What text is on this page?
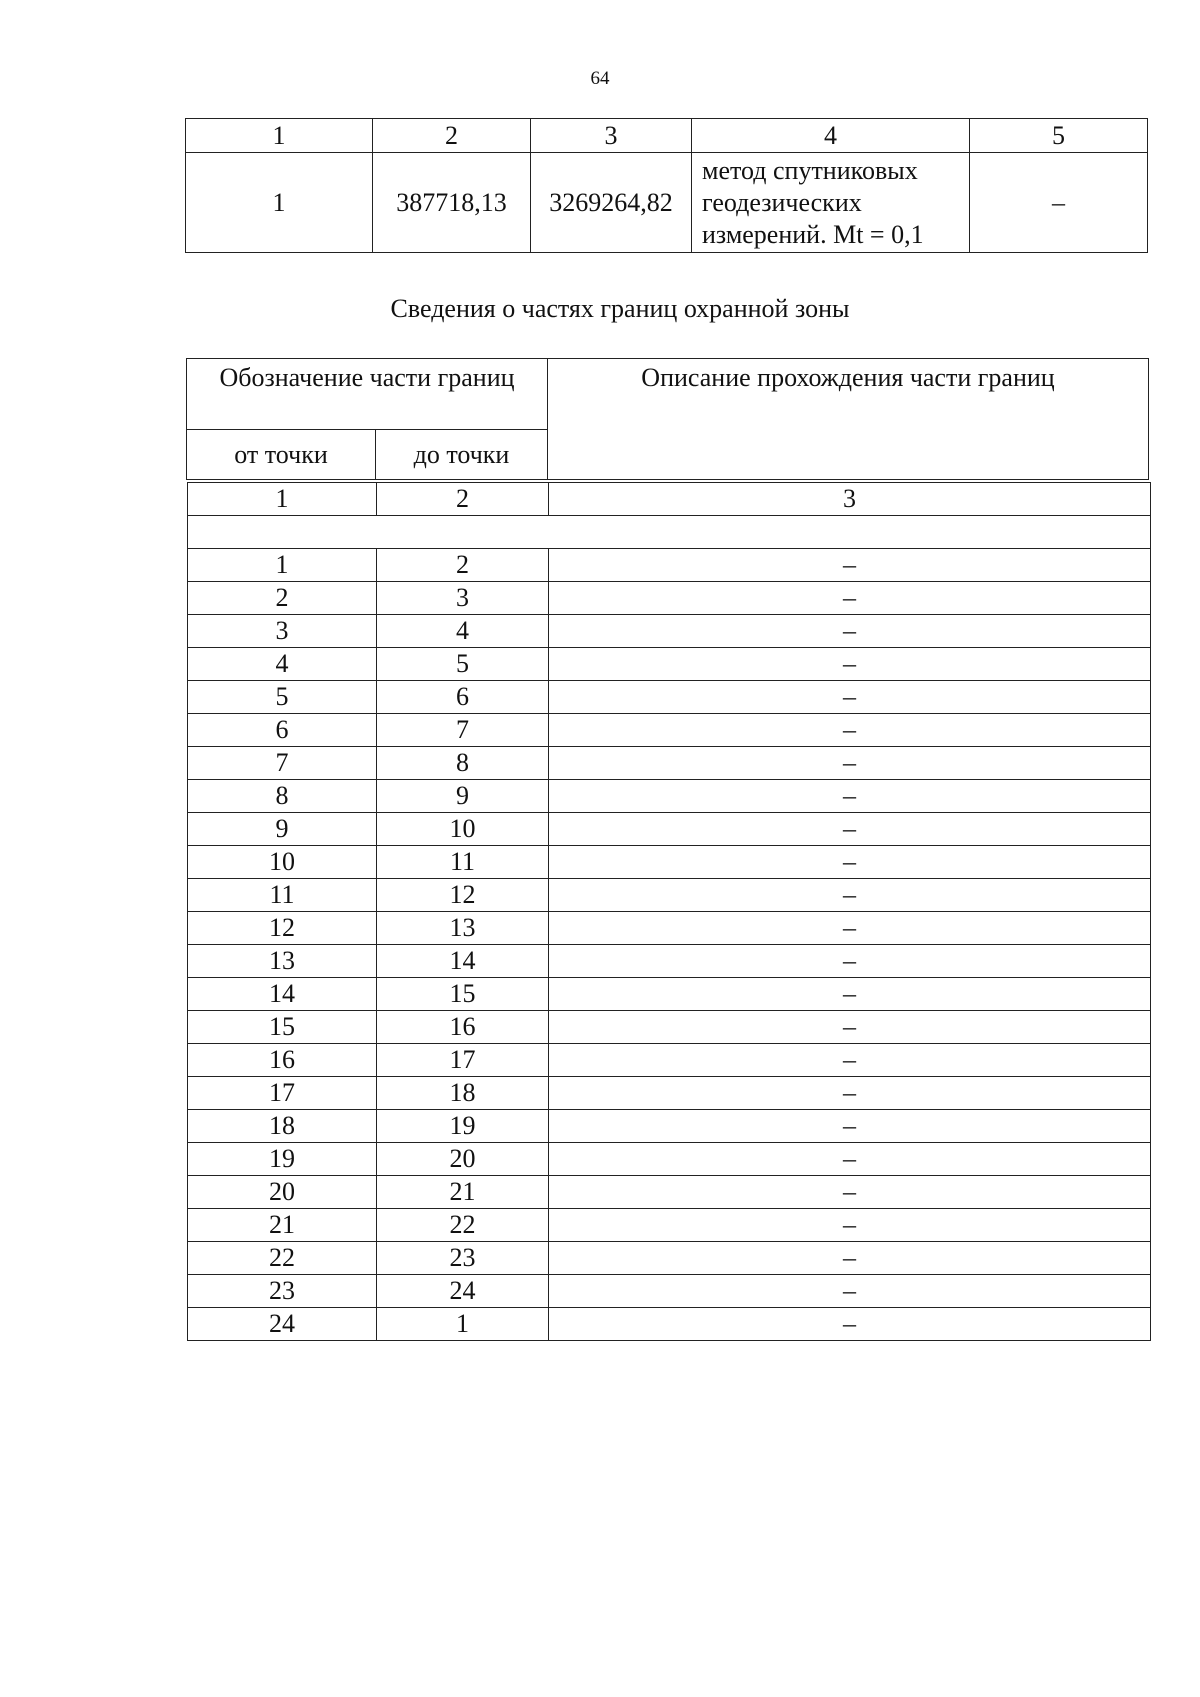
64
1	2	3	4	5
1	387718,13	3269264,82	метод спутниковых
геодезических
измерений. Mt = 0,1	–
Сведения о частях границ охранной зоны
Обозначение части границ		Описание прохождения части границ
от точки	до точки	
1	2	3

1	2	–
2	3	–
3	4	–
4	5	–
5	6	–
6	7	–
7	8	–
8	9	–
9	10	–
10	11	–
11	12	–
12	13	–
13	14	–
14	15	–
15	16	–
16	17	–
17	18	–
18	19	–
19	20	–
20	21	–
21	22	–
22	23	–
23	24	–
24	1	–
